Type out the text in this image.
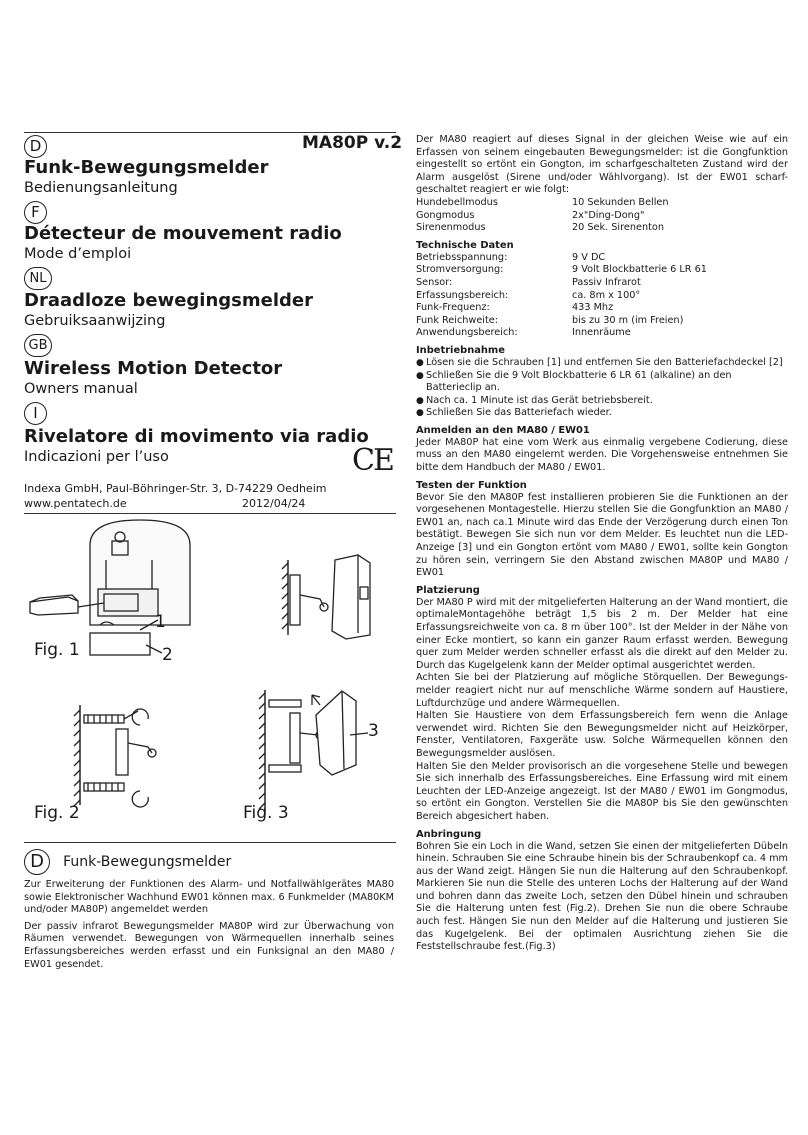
MA80P v.2
D
Funk-Bewegungsmelder
Bedienungsanleitung
F
Détecteur de mouvement radio
Mode d’emploi
NL
Draadloze bewegingsmelder
Gebruiksaanwijzing
GB
Wireless Motion Detector
Owners manual
I
Rivelatore di movimento via radio
Indicazioni per l’uso	CE
Indexa GmbH, Paul-Böhringer-Str. 3, D-74229 Oedheim
www.pentatech.de	2012/04/24
Fig. 1
Fig. 2	Fig. 3
1
2
3
D Funk-Bewegungsmelder

Zur Erweiterung der Funktionen des Alarm- und Notfallwählgerätes MA80 sowie Elektronischer Wachhund EW01 können max. 6 Funkmelder (MA80KM und/oder MA80P) angemeldet werden

Der passiv infrarot Bewegungsmelder MA80P wird zur Überwachung von Räumen verwendet. Bewegungen von Wärmequellen innerhalb seines Erfassungsbereiches werden erfasst und ein Funksignal an den MA80 / EW01 gesendet.

Der MA80 reagiert auf dieses Signal in der gleichen Weise wie auf ein Erfassen von seinem eingebauten Bewegungsmelder: ist die Gongfunktion eingestellt so ertönt ein Gongton, im scharfgeschalteten Zustand wird der Alarm ausgelöst (Sirene und/oder Wählvorgang). Ist der EW01 scharf-geschaltet reagiert er wie folgt:

Hundebellmodus	10 Sekunden Bellen
Gongmodus	2x"Ding-Dong"
Sirenenmodus	20 Sek. Sirenenton
Technische Daten
Betriebsspannung:	9 V DC
Stromversorgung:	9 Volt Blockbatterie 6 LR 61
Sensor:	Passiv Infrarot
Erfassungsbereich:	ca. 8m x 100°
Funk-Frequenz:	433 Mhz
Funk Reichweite:	bis zu 30 m (im Freien)
Anwendungsbereich:	Innenräume
Inbetriebnahme
● Lösen sie die Schrauben [1] und entfernen Sie den Batteriefachdeckel [2]
● Schließen Sie die 9 Volt Blockbatterie 6 LR 61 (alkaline) an den Batterieclip an.
● Nach ca. 1 Minute ist das Gerät betriebsbereit.
● Schließen Sie das Batteriefach wieder.
Anmelden an den MA80 / EW01

Jeder MA80P hat eine vom Werk aus einmalig vergebene Codierung, diese muss an den MA80 eingelernt werden. Die Vorgehensweise entnehmen Sie bitte dem Handbuch der MA80 / EW01.

Testen der Funktion

Bevor Sie den MA80P fest installieren probieren Sie die Funktionen an der vorgesehenen Montagestelle. Hierzu stellen Sie die Gongfunktion an MA80 / EW01 an, nach ca.1 Minute wird das Ende der Verzögerung durch einen Ton bestätigt. Bewegen Sie sich nun vor dem Melder. Es leuchtet nun die LED-Anzeige [3] und ein Gongton ertönt vom MA80 / EW01, sollte kein Gongton zu hören sein, verringern Sie den Abstand zwischen MA80P und MA80 / EW01

Platzierung

Der MA80 P wird mit der mitgelieferten Halterung an der Wand montiert, die optimaleMontagehöhe beträgt 1,5 bis 2 m. Der Melder hat eine Erfassungsreichweite von ca. 8 m über 100°. Ist der Melder in der Nähe von einer Ecke montiert, so kann ein ganzer Raum erfasst werden. Bewegung quer zum Melder werden schneller erfasst als die direkt auf den Melder zu. Durch das Kugelgelenk kann der Melder optimal ausgerichtet werden.

Achten Sie bei der Platzierung auf mögliche Störquellen. Der Bewegungs-melder reagiert nicht nur auf menschliche Wärme sondern auf Haustiere, Luftdurchzüge und andere Wärmequellen.

Halten Sie Haustiere von dem Erfassungsbereich fern wenn die Anlage verwendet wird. Richten Sie den Bewegungsmelder nicht auf Heizkörper, Fenster, Ventilatoren, Faxgeräte usw. Solche Wärmequellen können den Bewegungsmelder auslösen.

Halten Sie den Melder provisorisch an die vorgesehene Stelle und bewegen Sie sich innerhalb des Erfassungsbereiches. Eine Erfassung wird mit einem Leuchten der LED-Anzeige angezeigt. Ist der MA80 / EW01 im Gongmodus, so ertönt ein Gongton. Verstellen Sie die MA80P bis Sie den gewünschten Bereich abgesichert haben.

Anbringung

Bohren Sie ein Loch in die Wand, setzen Sie einen der mitgelieferten Dübeln hinein. Schrauben Sie eine Schraube hinein bis der Schraubenkopf ca. 4 mm aus der Wand zeigt. Hängen Sie nun die Halterung auf den Schraubenkopf. Markieren Sie nun die Stelle des unteren Lochs der Halterung auf der Wand und bohren dann das zweite Loch, setzen den Dübel hinein und schrauben Sie die Halterung unten fest (Fig.2). Drehen Sie nun die obere Schraube auch fest. Hängen Sie nun den Melder auf die Halterung und justieren Sie das Kugelgelenk. Bei der optimalen Ausrichtung ziehen Sie die Feststellschraube fest.(Fig.3)
